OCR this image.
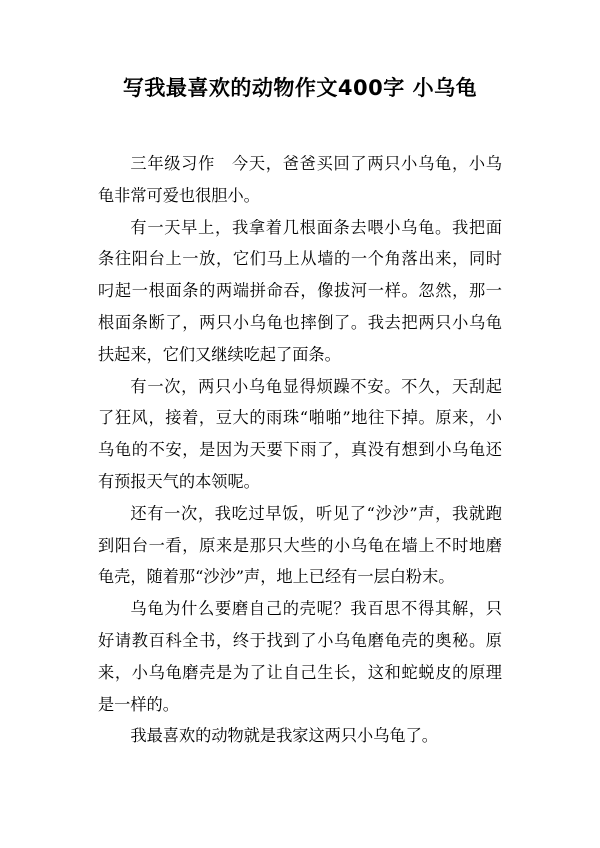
写我最喜欢的动物作文400字 小乌龟

三年级习作　今天，爸爸买回了两只小乌龟，小乌龟非常可爱也很胆小。

有一天早上，我拿着几根面条去喂小乌龟。我把面条往阳台上一放，它们马上从墙的一个角落出来，同时叼起一根面条的两端拼命吞，像拔河一样。忽然，那一根面条断了，两只小乌龟也摔倒了。我去把两只小乌龟扶起来，它们又继续吃起了面条。

有一次，两只小乌龟显得烦躁不安。不久，天刮起了狂风，接着，豆大的雨珠“啪啪”地往下掉。原来，小乌龟的不安，是因为天要下雨了，真没有想到小乌龟还有预报天气的本领呢。

还有一次，我吃过早饭，听见了“沙沙”声，我就跑到阳台一看，原来是那只大些的小乌龟在墙上不时地磨龟壳，随着那“沙沙”声，地上已经有一层白粉末。

乌龟为什么要磨自己的壳呢？我百思不得其解，只好请教百科全书，终于找到了小乌龟磨龟壳的奥秘。原来，小乌龟磨壳是为了让自己生长，这和蛇蜕皮的原理是一样的。

我最喜欢的动物就是我家这两只小乌龟了。
